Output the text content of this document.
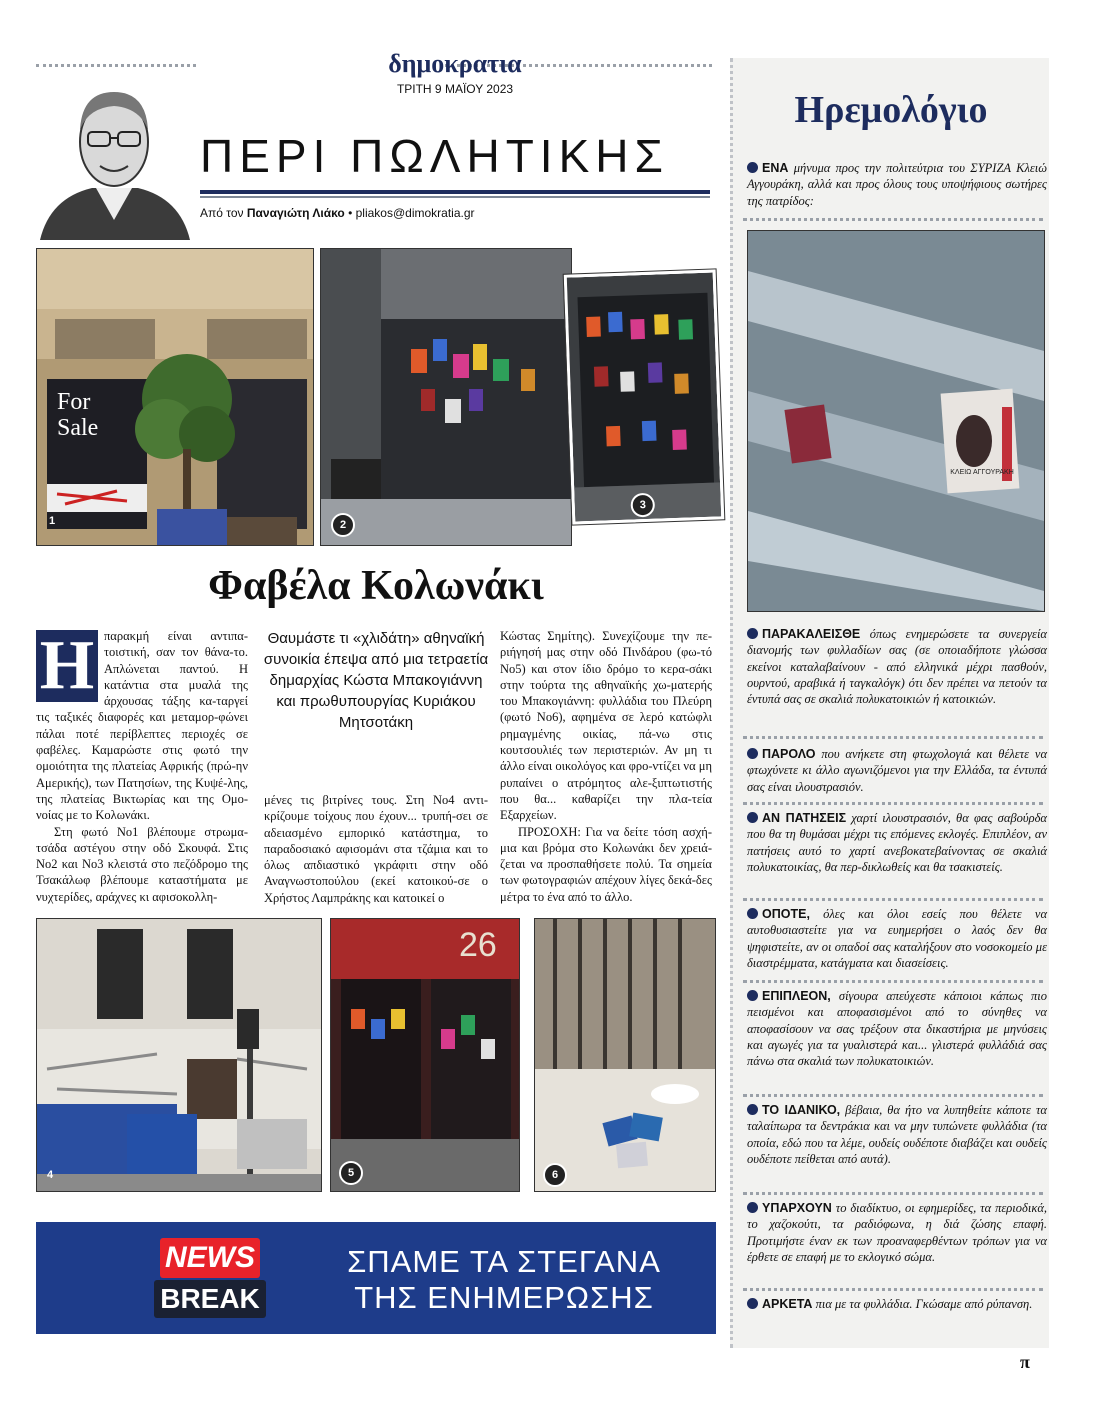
δημοκρατια
ΤΡΙΤΗ 9 ΜΑΪΟΥ 2023
ΠΕΡΙ ΠΩΛΗΤΙΚΗΣ
Από τον Παναγιώτη Λιάκο • pliakos@dimokratia.gr
For Sale
1	2
3
Φαβέλα Κολωνάκι
Η παρακμή είναι αντιπα-τοιστική, σαν τον θάνα-το. Απλώνεται παντού. Η κατάντια στα μυαλά της άρχουσας τάξης κα-ταργεί τις ταξικές διαφορές και μεταμορ-φώνει πάλαι ποτέ περίβλεπτες περιοχές σε φαβέλες. Καμαρώστε στις φωτό την ομοιότητα της πλατείας Αφρικής (πρώ-ην Αμερικής), των Πατησίων, της Κυψέ-λης, της πλατείας Βικτωρίας και της Ομο-νοίας με το Κολωνάκι.
Στη φωτό Νο1 βλέπουμε στρωμα-τσάδα αστέγου στην οδό Σκουφά. Στις Νο2 και Νο3 κλειστά στο πεζόδρομο της Τσακάλωφ βλέπουμε καταστήματα με νυχτερίδες, αράχνες κι αφισοκολλη-
Θαυμάστε τι «χλιδάτη» αθηναϊκή συνοικία έπεψα από μια τετραετία δημαρχίας Κώστα Μπακογιάννη και πρωθυπουργίας Κυριάκου Μητσοτάκη
μένες τις βιτρίνες τους. Στη Νο4 αντι-κρίζουμε τοίχους που έχουν... τρυπή-σει σε αδειασμένο εμπορικό κατάστημα, το παραδοσιακό αφισομάνι στα τζάμια και το όλως απδιαστικό γκράφιτι στην οδό Αναγνωστοπούλου (εκεί κατοικού-σε ο Χρήστος Λαμπράκης και κατοικεί ο
Κώστας Σημίτης). Συνεχίζουμε την πε-ριήγησή μας στην οδό Πινδάρου (φω-τό Νο5) και στον ίδιο δρόμο το κερα-σάκι στην τούρτα της αθηναϊκής χω-ματερής του Μπακογιάννη: φυλλάδια του Πλεύρη (φωτό Νο6), αφημένα σε λερό κατώφλι ρημαγμένης οικίας, πά-νω στις κουτσουλιές των περιστεριών. Αν μη τι άλλο είναι οικολόγος και φρο-ντίζει να μη ρυπαίνει ο ατρόμητος αλε-ξιπτωτιστής που θα... καθαρίζει την πλα-τεία Εξαρχείων.
ΠΡΟΣΟΧΗ: Για να δείτε τόση ασχή-μια και βρόμα στο Κολωνάκι δεν χρειά-ζεται να προσπαθήσετε πολύ. Τα σημεία των φωτογραφιών απέχουν λίγες δεκά-δες μέτρα το ένα από το άλλο.
4
26
5	6
NEWS
BREAK
ΣΠΑΜΕ ΤΑ ΣΤΕΓΑΝΑ
ΤΗΣ ΕΝΗΜΕΡΩΣΗΣ
Ηρεμολόγιο
ΕΝΑ μήνυμα προς την πολιτεύτρια του ΣΥΡΙΖΑ Κλειώ Αγγουράκη, αλλά και προς όλους τους υποψήφιους σωτήρες της πατρίδος:
ΚΛΕΙΩ ΑΓΓΟΥΡΑΚΗ
ΠΑΡΑΚΑΛΕΙΣΘΕ όπως ενημερώσετε τα συνεργεία διανομής των φυλλαδίων σας (σε οποιαδήποτε γλώσσα εκείνοι καταλαβαίνουν - από ελληνικά μέχρι πασθούν, ουρντού, αραβικά ή ταγκαλόγκ) ότι δεν πρέπει να πετούν τα έντυπά σας σε σκαλιά πολυκατοικιών ή κατοικιών.
ΠΑΡΟΛΟ που ανήκετε στη φτωχολογιά και θέλετε να φτωχύνετε κι άλλο αγωνιζόμενοι για την Ελλάδα, τα έντυπά σας είναι ιλουστρασιόν.
ΑΝ ΠΑΤΗΣΕΙΣ χαρτί ιλουστρασιόν, θα φας σαβούρδα που θα τη θυμάσαι μέχρι τις επόμενες εκλογές. Επιπλέον, αν πατήσεις αυτό το χαρτί ανεβοκατεβαίνοντας σε σκαλιά πολυκατοικίας, θα περ-δικλωθείς και θα τσακιστείς.
ΟΠΟΤΕ, όλες και όλοι εσείς που θέλετε να αυτοθυσιαστείτε για να ευημερήσει ο λαός δεν θα ψηφιστείτε, αν οι οπαδοί σας καταλήξουν στο νοσοκομείο με διαστρέμματα, κατάγματα και διασείσεις.
ΕΠΙΠΛΕΟΝ, σίγουρα απεύχεστε κάποιοι κάπως πιο πεισμένοι και αποφασισμένοι από το σύνηθες να αποφασίσουν να σας τρέξουν στα δικαστήρια με μηνύσεις και αγωγές για τα γυαλιστερά και... γλιστερά φυλλάδιά σας πάνω στα σκαλιά των πολυκατοικιών.
ΤΟ ΙΔΑΝΙΚΟ, βέβαια, θα ήτο να λυπηθείτε κάποτε τα ταλαίπωρα τα δεντράκια και να μην τυπώνετε φυλλάδια (τα οποία, εδώ που τα λέμε, ουδείς ουδέποτε διαβάζει και ουδείς ουδέποτε πείθεται από αυτά).
ΥΠΑΡΧΟΥΝ το διαδίκτυο, οι εφημερίδες, τα περιοδικά, το χαζοκούτι, τα ραδιόφωνα, η διά ζώσης επαφή. Προτιμήστε έναν εκ των προαναφερθέντων τρόπων για να έρθετε σε επαφή με το εκλογικό σώμα.
ΑΡΚΕΤΑ πια με τα φυλλάδια. Γκώσαμε από ρύπανση.
π
